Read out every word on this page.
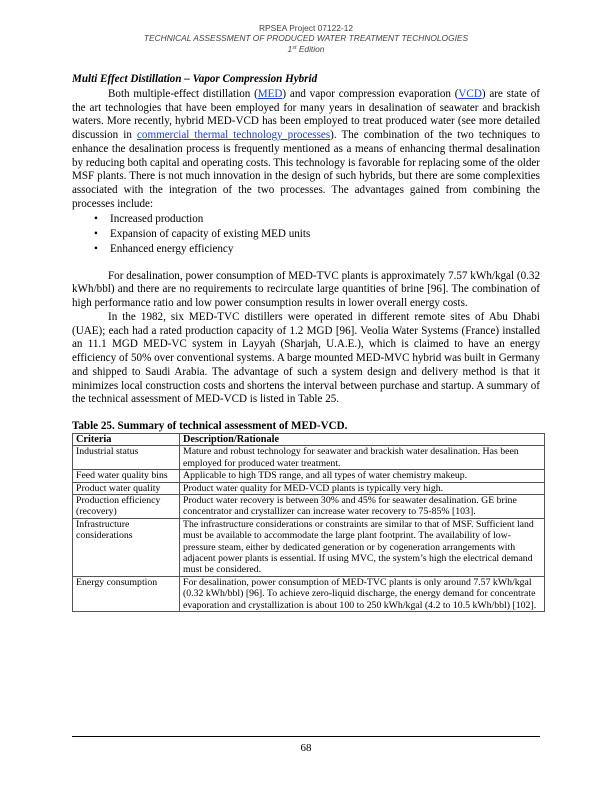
RPSEA Project 07122-12
TECHNICAL ASSESSMENT OF PRODUCED WATER TREATMENT TECHNOLOGIES
1st Edition
Multi Effect Distillation – Vapor Compression Hybrid

Both multiple-effect distillation (MED) and vapor compression evaporation (VCD) are state of the art technologies that have been employed for many years in desalination of seawater and brackish waters. More recently, hybrid MED-VCD has been employed to treat produced water (see more detailed discussion in commercial thermal technology processes). The combination of the two techniques to enhance the desalination process is frequently mentioned as a means of enhancing thermal desalination by reducing both capital and operating costs. This technology is favorable for replacing some of the older MSF plants. There is not much innovation in the design of such hybrids, but there are some complexities associated with the integration of the two processes. The advantages gained from combining the processes include:

• Increased production
• Expansion of capacity of existing MED units
• Enhanced energy efficiency

For desalination, power consumption of MED-TVC plants is approximately 7.57 kWh/kgal (0.32 kWh/bbl) and there are no requirements to recirculate large quantities of brine [96]. The combination of high performance ratio and low power consumption results in lower overall energy costs.

In the 1982, six MED-TVC distillers were operated in different remote sites of Abu Dhabi (UAE); each had a rated production capacity of 1.2 MGD [96]. Veolia Water Systems (France) installed an 11.1 MGD MED-VC system in Layyah (Sharjah, U.A.E.), which is claimed to have an energy efficiency of 50% over conventional systems. A barge mounted MED-MVC hybrid was built in Germany and shipped to Saudi Arabia. The advantage of such a system design and delivery method is that it minimizes local construction costs and shortens the interval between purchase and startup. A summary of the technical assessment of MED-VCD is listed in Table 25.

Table 25. Summary of technical assessment of MED-VCD.
Criteria	Description/Rationale
Industrial status	Mature and robust technology for seawater and brackish water desalination. Has been employed for produced water treatment.
Feed water quality bins	Applicable to high TDS range, and all types of water chemistry makeup.
Product water quality	Product water quality for MED-VCD plants is typically very high.
Production efficiency (recovery)	Product water recovery is between 30% and 45% for seawater desalination. GE brine concentrator and crystallizer can increase water recovery to 75-85% [103].
Infrastructure considerations	The infrastructure considerations or constraints are similar to that of MSF. Sufficient land must be available to accommodate the large plant footprint. The availability of low-pressure steam, either by dedicated generation or by cogeneration arrangements with adjacent power plants is essential. If using MVC, the system’s high the electrical demand must be considered.
Energy consumption	For desalination, power consumption of MED-TVC plants is only around 7.57 kWh/kgal (0.32 kWh/bbl) [96]. To achieve zero-liquid discharge, the energy demand for concentrate evaporation and crystallization is about 100 to 250 kWh/kgal (4.2 to 10.5 kWh/bbl) [102].
68
